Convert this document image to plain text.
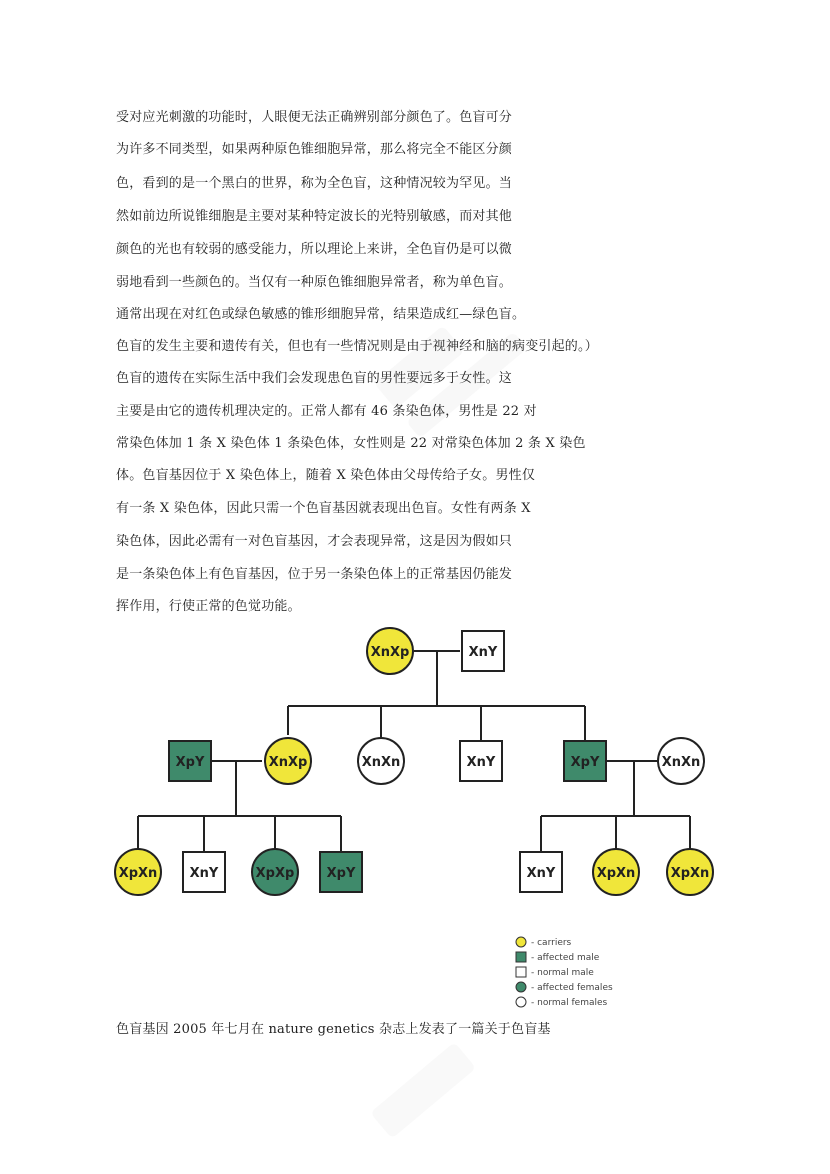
受对应光刺激的功能时，人眼便无法正确辨别部分颜色了。色盲可分
为许多不同类型，如果两种原色锥细胞异常，那么将完全不能区分颜
色，看到的是一个黑白的世界，称为全色盲，这种情况较为罕见。当
然如前边所说锥细胞是主要对某种特定波长的光特别敏感，而对其他
颜色的光也有较弱的感受能力，所以理论上来讲，全色盲仍是可以微
弱地看到一些颜色的。当仅有一种原色锥细胞异常者，称为单色盲。
通常出现在对红色或绿色敏感的锥形细胞异常，结果造成红—绿色盲。
色盲的发生主要和遗传有关，但也有一些情况则是由于视神经和脑的病变引起的。）
色盲的遗传在实际生活中我们会发现患色盲的男性要远多于女性。这
主要是由它的遗传机理决定的。正常人都有 46 条染色体，男性是 22 对
常染色体加 1 条 X 染色体 1 条染色体，女性则是 22 对常染色体加 2 条 X 染色
体。色盲基因位于 X 染色体上，随着 X 染色体由父母传给子女。男性仅
有一条 X 染色体，因此只需一个色盲基因就表现出色盲。女性有两条 X
染色体，因此必需有一对色盲基因，才会表现异常，这是因为假如只
是一条染色体上有色盲基因，位于另一条染色体上的正常基因仍能发
挥作用，行使正常的色觉功能。
XnXp	XnY
XpY	XnXp	XnXn	XnY	XpY	XnXn
XpXn XnY	XpXp XpY	XnY	XpXn	XpXn
- carriers
- affected male
- normal male
- affected females
- normal females
色盲基因 2005 年七月在 nature genetics 杂志上发表了一篇关于色盲基
